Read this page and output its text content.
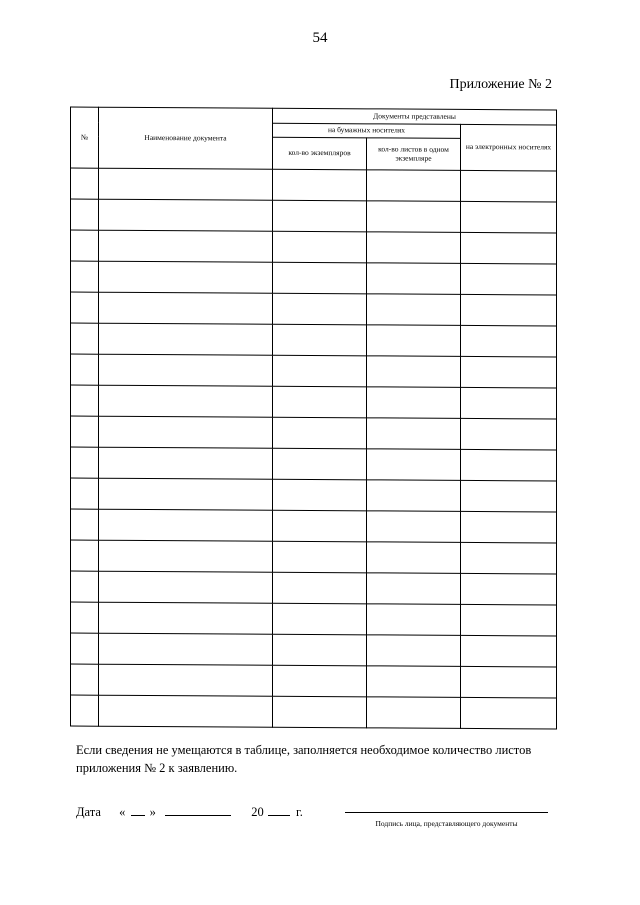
54
Приложение № 2
№	Наименование документа	Документы представлены		
		на бумажных носителях		на электронных носителях
		кол-во экземпляров	кол-во листов в одном экземпляре	

Если сведения не умещаются в таблице, заполняется необходимое количество листов приложения № 2 к заявлению.
Дата « »	20	г.
Подпись лица, представляющего документы
